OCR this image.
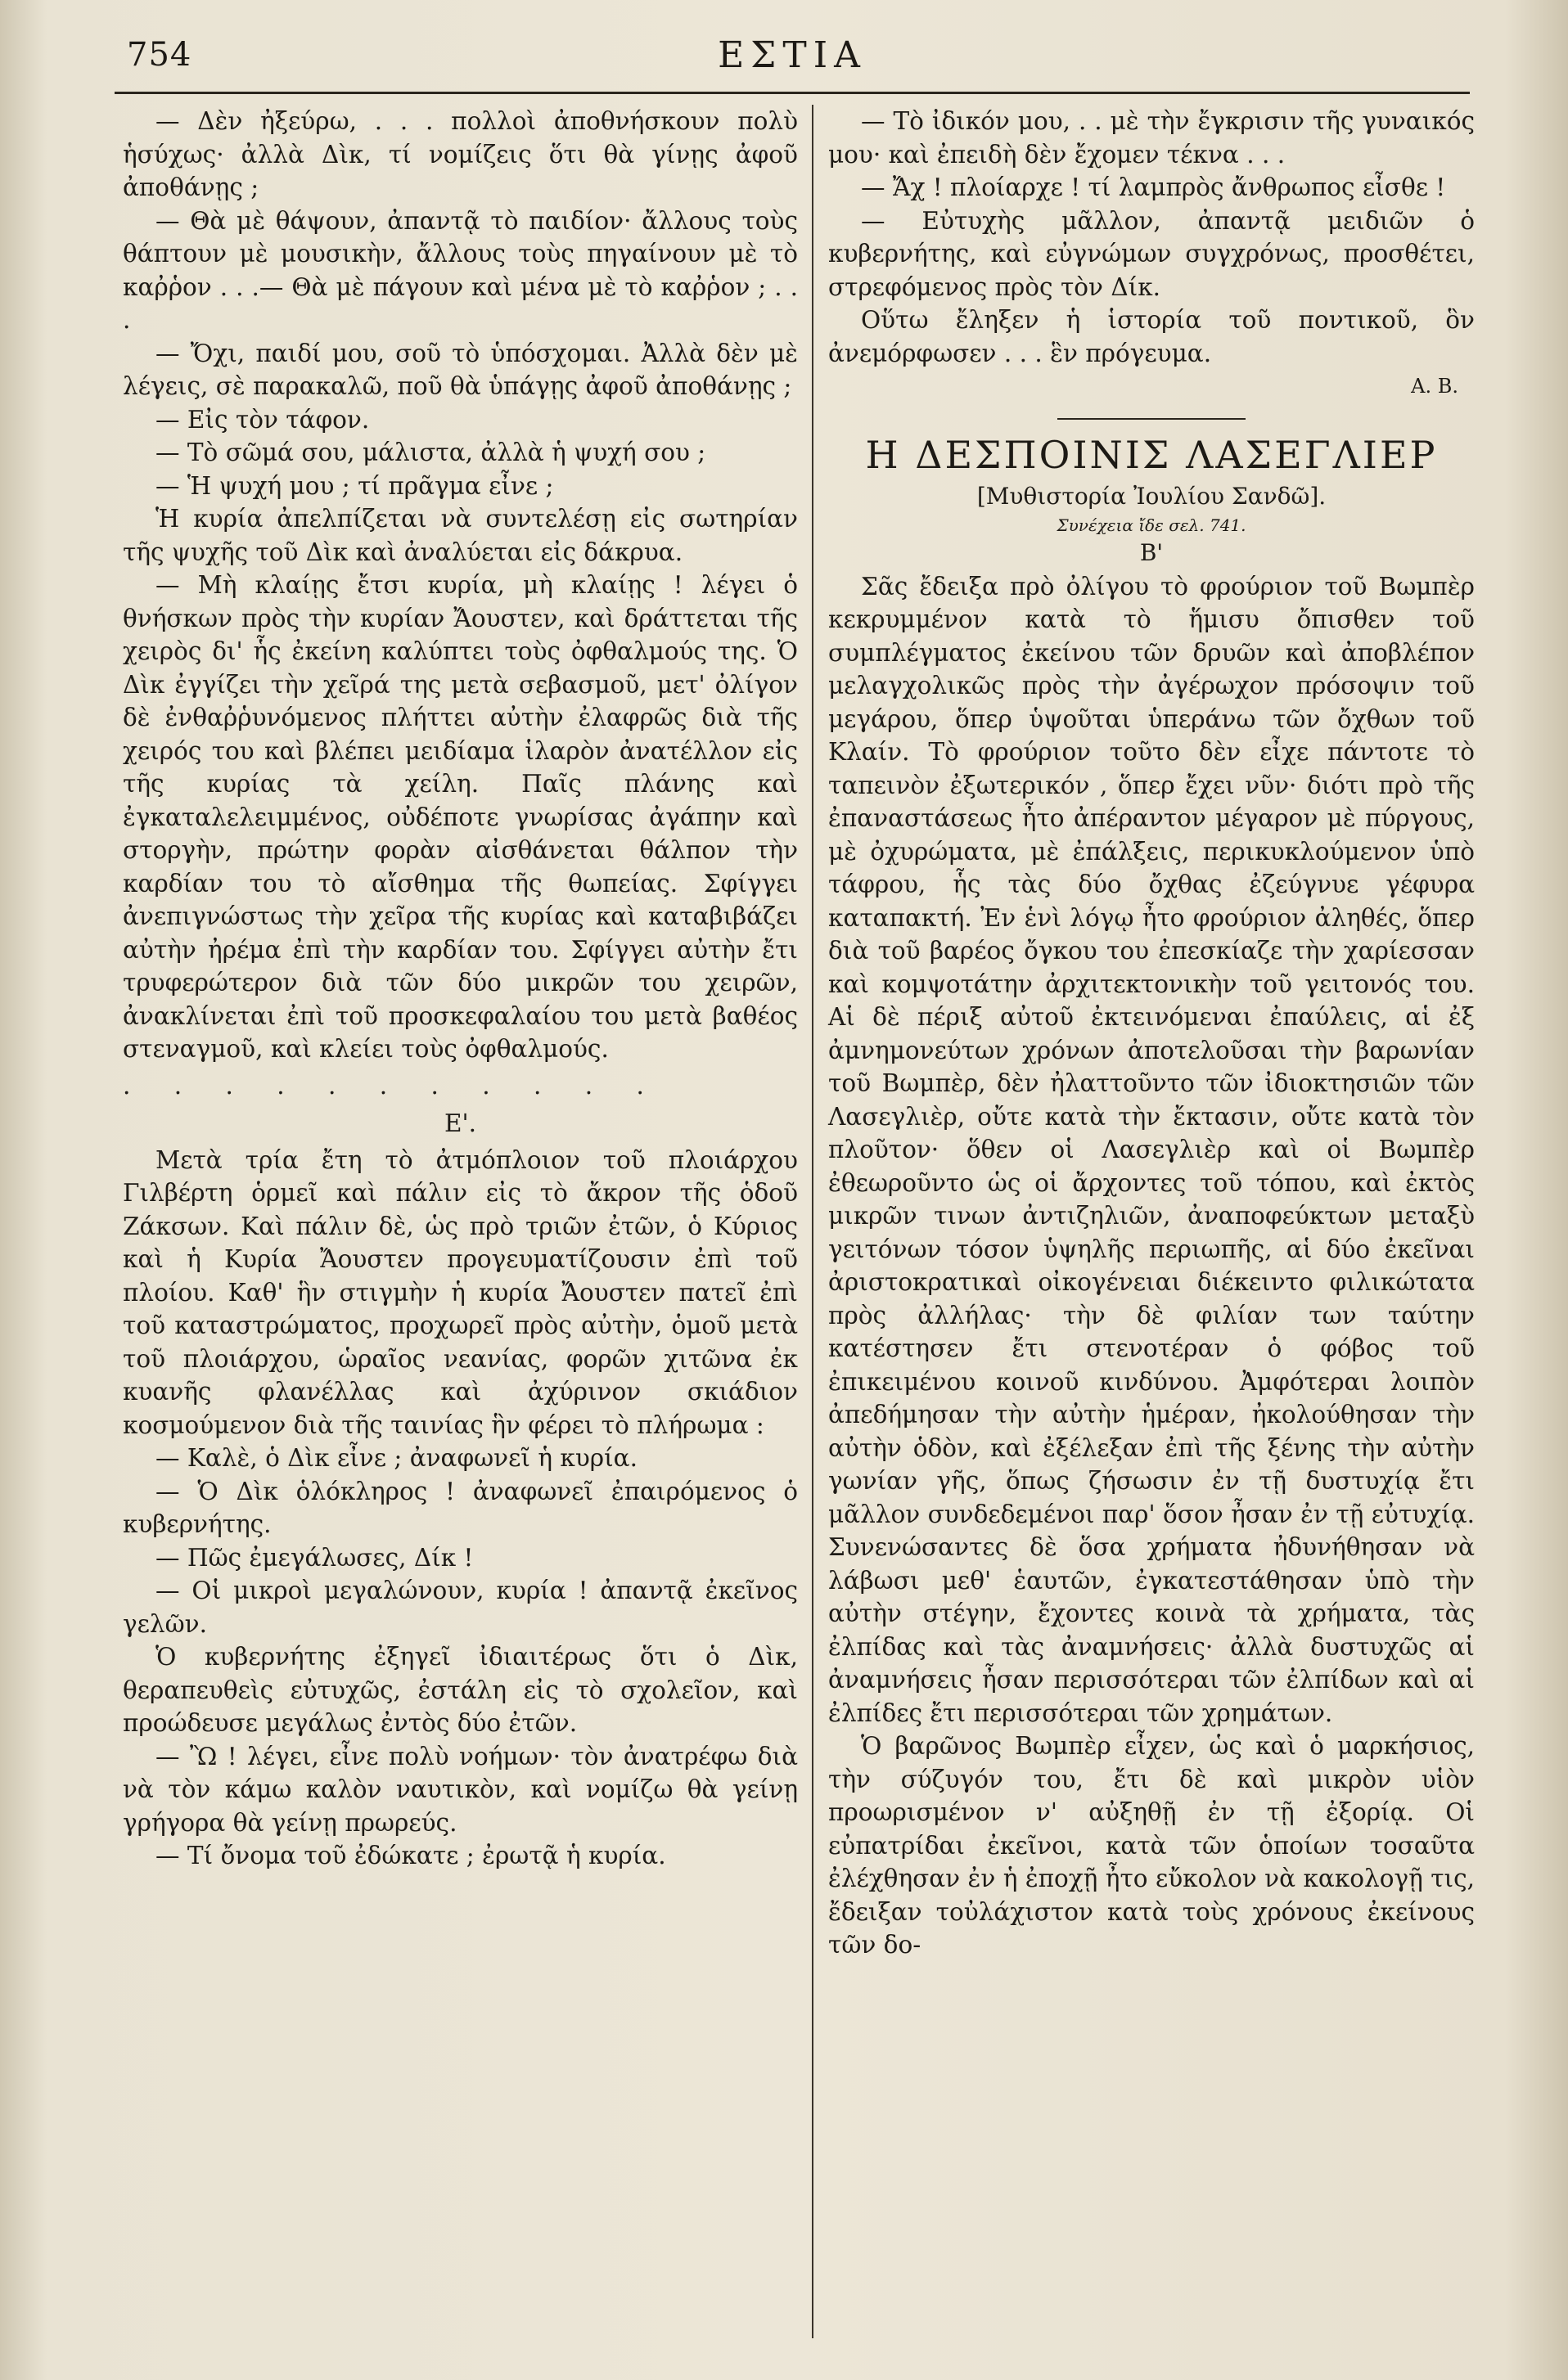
754	ΕΣΤΙΑ

— Δὲν ἠξεύρω, . . . πολλοὶ ἀποθνήσκουν πολὺ ἡσύχως· ἀλλὰ Δὶκ, τί νομίζεις ὅτι θὰ γίνῃς ἀφοῦ ἀποθάνῃς ;

— Θὰ μὲ θάψουν, ἀπαντᾷ τὸ παιδίον· ἄλλους τοὺς θάπτουν μὲ μουσικὴν, ἄλλους τοὺς πηγαίνουν μὲ τὸ καῤῥον . . .— Θὰ μὲ πάγουν καὶ μένα μὲ τὸ καῤῥον ; . . .

— Ὄχι, παιδί μου, σοῦ τὸ ὑπόσχομαι. Ἀλλὰ δὲν μὲ λέγεις, σὲ παρακαλῶ, ποῦ θὰ ὑπάγῃς ἀφοῦ ἀποθάνῃς ;

— Εἰς τὸν τάφον.

— Τὸ σῶμά σου, μάλιστα, ἀλλὰ ἡ ψυχή σου ;

— Ἡ ψυχή μου ; τί πρᾶγμα εἶνε ;

Ἡ κυρία ἀπελπίζεται νὰ συντελέσῃ εἰς σωτηρίαν τῆς ψυχῆς τοῦ Δὶκ καὶ ἀναλύεται εἰς δάκρυα.

— Μὴ κλαίῃς ἔτσι κυρία, μὴ κλαίῃς ! λέγει ὁ θνήσκων πρὸς τὴν κυρίαν Ἄουστεν, καὶ δράττεται τῆς χειρὸς δι' ἧς ἐκείνη καλύπτει τοὺς ὀφθαλμούς της. Ὁ Δὶκ ἐγγίζει τὴν χεῖρά της μετὰ σεβασμοῦ, μετ' ὀλίγον δὲ ἐνθαῤῥυνόμενος πλήττει αὐτὴν ἐλαφρῶς διὰ τῆς χειρός του καὶ βλέπει μειδίαμα ἱλαρὸν ἀνατέλλον εἰς τῆς κυρίας τὰ χείλη. Παῖς πλάνης καὶ ἐγκαταλελειμμένος, οὐδέποτε γνωρίσας ἀγάπην καὶ στοργὴν, πρώτην φορὰν αἰσθάνεται θάλπον τὴν καρδίαν του τὸ αἴσθημα τῆς θωπείας. Σφίγγει ἀνεπιγνώστως τὴν χεῖρα τῆς κυρίας καὶ καταβιβάζει αὐτὴν ἠρέμα ἐπὶ τὴν καρδίαν του. Σφίγγει αὐτὴν ἔτι τρυφερώτερον διὰ τῶν δύο μικρῶν του χειρῶν, ἀνακλίνεται ἐπὶ τοῦ προσκεφαλαίου του μετὰ βαθέος στεναγμοῦ, καὶ κλείει τοὺς ὀφθαλμούς.

. . . . . . . . . . .

Ε'.

Μετὰ τρία ἔτη τὸ ἀτμόπλοιον τοῦ πλοιάρχου Γιλβέρτη ὁρμεῖ καὶ πάλιν εἰς τὸ ἄκρον τῆς ὁδοῦ Ζάκσων. Καὶ πάλιν δὲ, ὡς πρὸ τριῶν ἐτῶν, ὁ Κύριος καὶ ἡ Κυρία Ἄουστεν προγευματίζουσιν ἐπὶ τοῦ πλοίου. Καθ' ἣν στιγμὴν ἡ κυρία Ἄουστεν πατεῖ ἐπὶ τοῦ καταστρώματος, προχωρεῖ πρὸς αὐτὴν, ὁμοῦ μετὰ τοῦ πλοιάρχου, ὡραῖος νεανίας, φορῶν χιτῶνα ἐκ κυανῆς φλανέλλας καὶ ἀχύρινον σκιάδιον κοσμούμενον διὰ τῆς ταινίας ἣν φέρει τὸ πλήρωμα :

— Καλὲ, ὁ Δὶκ εἶνε ; ἀναφωνεῖ ἡ κυρία.

— Ὁ Δὶκ ὁλόκληρος ! ἀναφωνεῖ ἐπαιρόμενος ὁ κυβερνήτης.

— Πῶς ἐμεγάλωσες, Δίκ !

— Οἱ μικροὶ μεγαλώνουν, κυρία ! ἀπαντᾷ ἐκεῖνος γελῶν.

Ὁ κυβερνήτης ἐξηγεῖ ἰδιαιτέρως ὅτι ὁ Δὶκ, θεραπευθεὶς εὐτυχῶς, ἐστάλη εἰς τὸ σχολεῖον, καὶ προώδευσε μεγάλως ἐντὸς δύο ἐτῶν.

— Ὢ ! λέγει, εἶνε πολὺ νοήμων· τὸν ἀνατρέφω διὰ νὰ τὸν κάμω καλὸν ναυτικὸν, καὶ νομίζω θὰ γείνῃ γρήγορα θὰ γείνῃ πρωρεύς.

— Τί ὄνομα τοῦ ἐδώκατε ; ἐρωτᾷ ἡ κυρία.

— Τὸ ἰδικόν μου, . . μὲ τὴν ἔγκρισιν τῆς γυναικός μου· καὶ ἐπειδὴ δὲν ἔχομεν τέκνα . . .

— Ἄχ ! πλοίαρχε ! τί λαμπρὸς ἄνθρωπος εἶσθε !

— Εὐτυχὴς μᾶλλον, ἀπαντᾷ μειδιῶν ὁ κυβερνήτης, καὶ εὐγνώμων συγχρόνως, προσθέτει, στρεφόμενος πρὸς τὸν Δίκ.

Οὕτω ἔληξεν ἡ ἱστορία τοῦ ποντικοῦ, ὃν ἀνεμόρφωσεν . . . ἓν πρόγευμα.

Α. Β.

Η ΔΕΣΠΟΙΝΙΣ ΛΑΣΕΓΛΙΕΡ

[Μυθιστορία Ἰουλίου Σανδῶ].

Συνέχεια ἴδε σελ. 741.

Β'

Σᾶς ἔδειξα πρὸ ὀλίγου τὸ φρούριον τοῦ Βωμπὲρ κεκρυμμένον κατὰ τὸ ἥμισυ ὄπισθεν τοῦ συμπλέγματος ἐκείνου τῶν δρυῶν καὶ ἀποβλέπον μελαγχολικῶς πρὸς τὴν ἀγέρωχον πρόσοψιν τοῦ μεγάρου, ὅπερ ὑψοῦται ὑπεράνω τῶν ὄχθων τοῦ Κλαίν. Τὸ φρούριον τοῦτο δὲν εἶχε πάντοτε τὸ ταπεινὸν ἐξωτερικόν , ὅπερ ἔχει νῦν· διότι πρὸ τῆς ἐπαναστάσεως ἦτο ἀπέραντον μέγαρον μὲ πύργους, μὲ ὀχυρώματα, μὲ ἐπάλξεις, περικυκλούμενον ὑπὸ τάφρου, ἧς τὰς δύο ὄχθας ἐζεύγνυε γέφυρα καταπακτή. Ἐν ἑνὶ λόγῳ ἦτο φρούριον ἀληθές, ὅπερ διὰ τοῦ βαρέος ὄγκου του ἐπεσκίαζε τὴν χαρίεσσαν καὶ κομψοτάτην ἀρχιτεκτονικὴν τοῦ γειτονός του. Αἱ δὲ πέριξ αὐτοῦ ἐκτεινόμεναι ἐπαύλεις, αἱ ἐξ ἀμνημονεύτων χρόνων ἀποτελοῦσαι τὴν βαρωνίαν τοῦ Βωμπὲρ, δὲν ἠλαττοῦντο τῶν ἰδιοκτησιῶν τῶν Λασεγλιὲρ, οὔτε κατὰ τὴν ἔκτασιν, οὔτε κατὰ τὸν πλοῦτον· ὅθεν οἱ Λασεγλιὲρ καὶ οἱ Βωμπὲρ ἐθεωροῦντο ὡς οἱ ἄρχοντες τοῦ τόπου, καὶ ἐκτὸς μικρῶν τινων ἀντιζηλιῶν, ἀναποφεύκτων μεταξὺ γειτόνων τόσον ὑψηλῆς περιωπῆς, αἱ δύο ἐκεῖναι ἀριστοκρατικαὶ οἰκογένειαι διέκειντο φιλικώτατα πρὸς ἀλλήλας· τὴν δὲ φιλίαν των ταύτην κατέστησεν ἔτι στενοτέραν ὁ φόβος τοῦ ἐπικειμένου κοινοῦ κινδύνου. Ἀμφότεραι λοιπὸν ἀπεδήμησαν τὴν αὐτὴν ἡμέραν, ἠκολούθησαν τὴν αὐτὴν ὁδὸν, καὶ ἐξέλεξαν ἐπὶ τῆς ξένης τὴν αὐτὴν γωνίαν γῆς, ὅπως ζήσωσιν ἐν τῇ δυστυχίᾳ ἔτι μᾶλλον συνδεδεμένοι παρ' ὅσον ἦσαν ἐν τῇ εὐτυχίᾳ. Συνενώσαντες δὲ ὅσα χρήματα ἠδυνήθησαν νὰ λάβωσι μεθ' ἑαυτῶν, ἐγκατεστάθησαν ὑπὸ τὴν αὐτὴν στέγην, ἔχοντες κοινὰ τὰ χρήματα, τὰς ἐλπίδας καὶ τὰς ἀναμνήσεις· ἀλλὰ δυστυχῶς αἱ ἀναμνήσεις ἦσαν περισσότεραι τῶν ἐλπίδων καὶ αἱ ἐλπίδες ἔτι περισσότεραι τῶν χρημάτων.

Ὁ βαρῶνος Βωμπὲρ εἶχεν, ὡς καὶ ὁ μαρκήσιος, τὴν σύζυγόν του, ἔτι δὲ καὶ μικρὸν υἱὸν προωρισμένον ν' αὐξηθῇ ἐν τῇ ἐξορίᾳ. Οἱ εὐπατρίδαι ἐκεῖνοι, κατὰ τῶν ὁποίων τοσαῦτα ἐλέχθησαν ἐν ἡ ἐποχῇ ἦτο εὔκολον νὰ κακολογῇ τις, ἔδειξαν τοὐλάχιστον κατὰ τοὺς χρόνους ἐκείνους τῶν δο-
